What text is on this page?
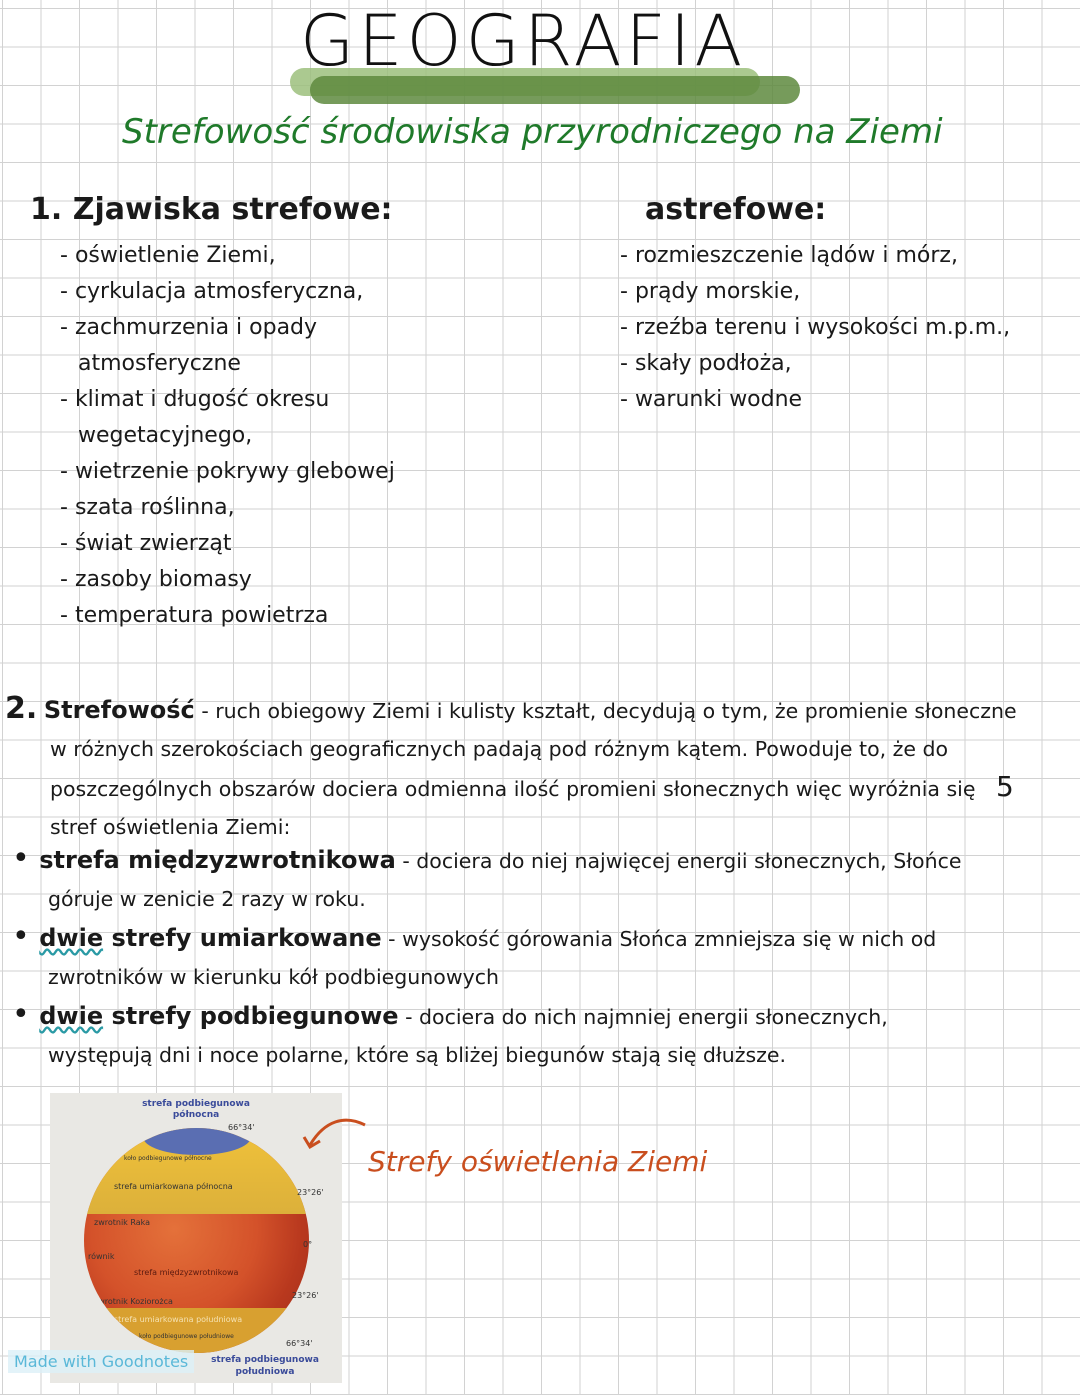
GEOGRAFIA
Strefowość środowiska przyrodniczego na Ziemi
1. Zjawiska strefowe:
- oświetlenie Ziemi,
- cyrkulacja atmosferyczna,
- zachmurzenia i opady
atmosferyczne
- klimat i długość okresu
wegetacyjnego,
- wietrzenie pokrywy glebowej
- szata roślinna,
- świat zwierząt
- zasoby biomasy
- temperatura powietrza
astrefowe:
- rozmieszczenie lądów i mórz,
- prądy morskie,
- rzeźba terenu i wysokości m.p.m.,
- skały podłoża,
- warunki wodne
2. Strefowość - ruch obiegowy Ziemi i kulisty kształt, decydują o tym, że promienie słoneczne
w różnych szerokościach geograficznych padają pod różnym kątem. Powoduje to, że do
poszczególnych obszarów dociera odmienna ilość promieni słonecznych więc wyróżnia się 5
stref oświetlenia Ziemi:
• strefa międzyzwrotnikowa - dociera do niej najwięcej energii słonecznych, Słońce
góruje w zenicie 2 razy w roku.
• dwie strefy umiarkowane - wysokość górowania Słońca zmniejsza się w nich od
zwrotników w kierunku kół podbiegunowych
• dwie strefy podbiegunowe - dociera do nich najmniej energii słonecznych,
występują dni i noce polarne, które są bliżej biegunów stają się dłuższe.
strefa podbiegunowa
północna
koło podbiegunowe północne
strefa umiarkowana północna
zwrotnik Raka
równik
strefa międzyzwrotnikowa
zwrotnik Koziorożca
strefa umiarkowana południowa
koło podbiegunowe południowe
66°34'
23°26'
0°
23°26'
66°34'
strefa podbiegunowa
południowa
Made with Goodnotes
Strefy oświetlenia Ziemi
